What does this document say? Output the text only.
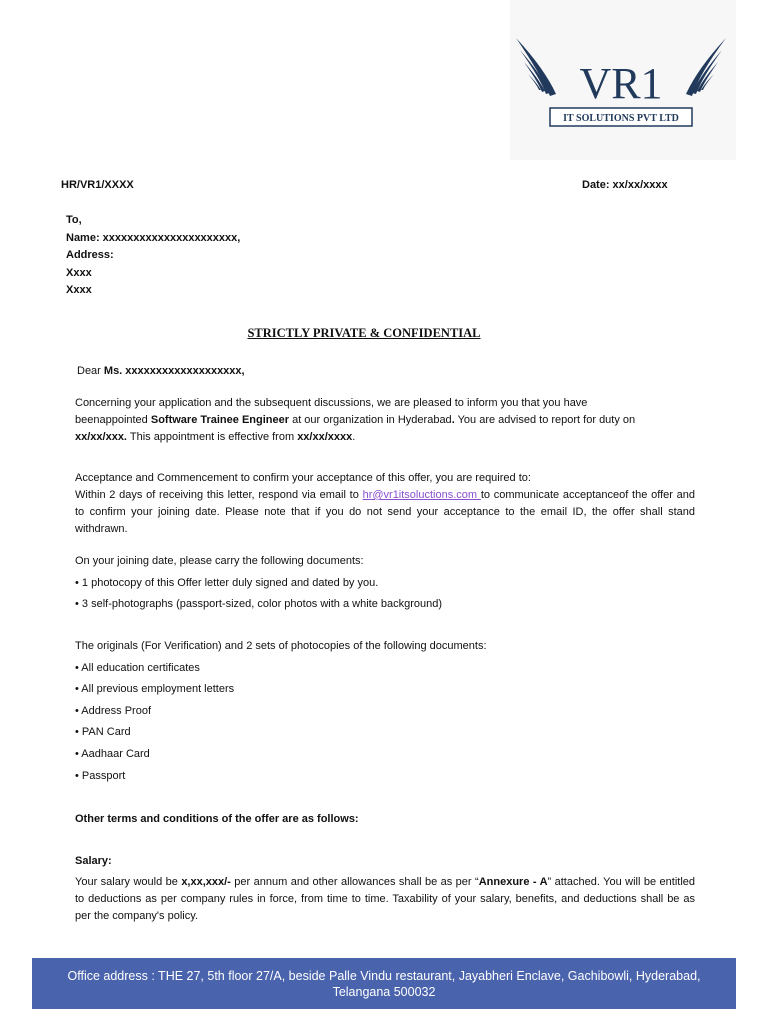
VR1
IT SOLUTIONS PVT LTD
HR/VR1/XXXX	Date: xx/xx/xxxx
To,
Name: xxxxxxxxxxxxxxxxxxxxxx,
Address:
Xxxx
Xxxx
STRICTLY PRIVATE & CONFIDENTIAL
Dear Ms. xxxxxxxxxxxxxxxxxxx,
Concerning your application and the subsequent discussions, we are pleased to inform you that you have beenappointed Software Trainee Engineer at our organization in Hyderabad. You are advised to report for duty on xx/xx/xxx. This appointment is effective from xx/xx/xxxx.
Acceptance and Commencement to confirm your acceptance of this offer, you are required to:
Within 2 days of receiving this letter, respond via email to hr@vr1itsoluctions.com to communicate acceptanceof the offer and to confirm your joining date. Please note that if you do not send your acceptance to the email ID, the offer shall stand withdrawn.
On your joining date, please carry the following documents:
• 1 photocopy of this Offer letter duly signed and dated by you.
• 3 self-photographs (passport-sized, color photos with a white background)
The originals (For Verification) and 2 sets of photocopies of the following documents:
• All education certificates
• All previous employment letters
• Address Proof
• PAN Card
• Aadhaar Card
• Passport
Other terms and conditions of the offer are as follows:
Salary:
Your salary would be x,xx,xxx/- per annum and other allowances shall be as per “Annexure - A” attached. You will be entitled to deductions as per company rules in force, from time to time. Taxability of your salary, benefits, and deductions shall be as per the company's policy.
Office address : THE 27, 5th floor 27/A, beside Palle Vindu restaurant, Jayabheri Enclave, Gachibowli, Hyderabad, Telangana 500032
